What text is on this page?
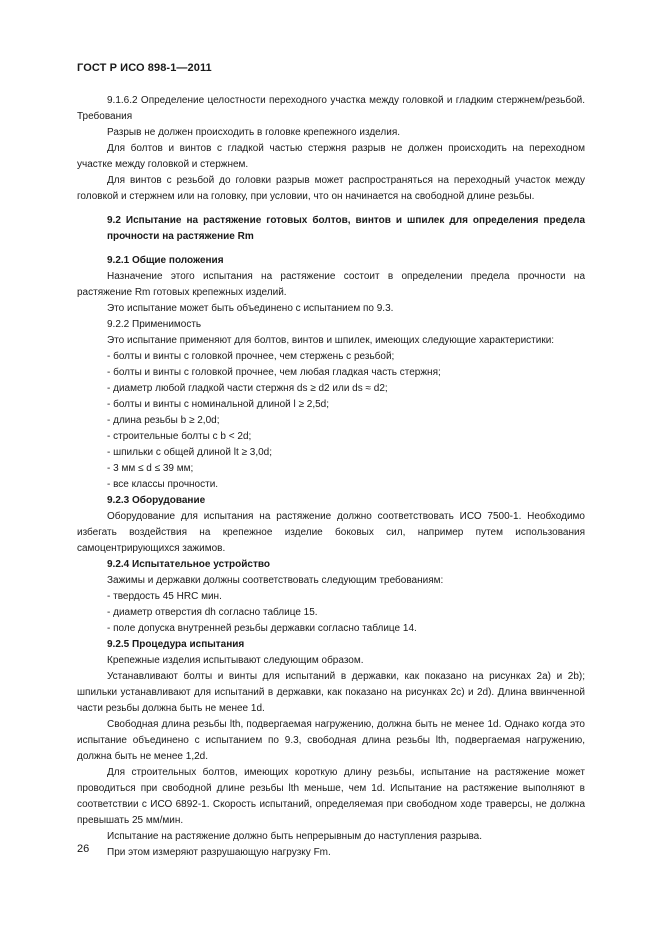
ГОСТ Р ИСО 898-1—2011

9.1.6.2 Определение целостности переходного участка между головкой и гладким стержнем/резьбой. Требования

Разрыв не должен происходить в головке крепежного изделия.

Для болтов и винтов с гладкой частью стержня разрыв не должен происходить на переходном участке между головкой и стержнем.

Для винтов с резьбой до головки разрыв может распространяться на переходный участок между головкой и стержнем или на головку, при условии, что он начинается на свободной длине резьбы.

9.2 Испытание на растяжение готовых болтов, винтов и шпилек для определения предела прочности на растяжение Rm

9.2.1 Общие положения

Назначение этого испытания на растяжение состоит в определении предела прочности на растяжение Rm готовых крепежных изделий.

Это испытание может быть объединено с испытанием по 9.3.

9.2.2 Применимость

Это испытание применяют для болтов, винтов и шпилек, имеющих следующие характеристики:

- болты и винты с головкой прочнее, чем стержень с резьбой;

- болты и винты с головкой прочнее, чем любая гладкая часть стержня;

- диаметр любой гладкой части стержня ds ≥ d2 или ds ≈ d2;

- болты и винты с номинальной длиной l ≥ 2,5d;

- длина резьбы b ≥ 2,0d;

- строительные болты с b < 2d;

- шпильки с общей длиной lt ≥ 3,0d;

- 3 мм ≤ d ≤ 39 мм;

- все классы прочности.

9.2.3 Оборудование

Оборудование для испытания на растяжение должно соответствовать ИСО 7500-1. Необходимо избегать воздействия на крепежное изделие боковых сил, например путем использования самоцентрирующихся зажимов.

9.2.4 Испытательное устройство

Зажимы и державки должны соответствовать следующим требованиям:

- твердость 45 HRC мин.

- диаметр отверстия dh согласно таблице 15.

- поле допуска внутренней резьбы державки согласно таблице 14.

9.2.5 Процедура испытания

Крепежные изделия испытывают следующим образом.

Устанавливают болты и винты для испытаний в державки, как показано на рисунках 2а) и 2b); шпильки устанавливают для испытаний в державки, как показано на рисунках 2с) и 2d). Длина ввинченной части резьбы должна быть не менее 1d.

Свободная длина резьбы lth, подвергаемая нагружению, должна быть не менее 1d. Однако когда это испытание объединено с испытанием по 9.3, свободная длина резьбы lth, подвергаемая нагружению, должна быть не менее 1,2d.

Для строительных болтов, имеющих короткую длину резьбы, испытание на растяжение может проводиться при свободной длине резьбы lth меньше, чем 1d. Испытание на растяжение выполняют в соответствии с ИСО 6892-1. Скорость испытаний, определяемая при свободном ходе траверсы, не должна превышать 25 мм/мин.

Испытание на растяжение должно быть непрерывным до наступления разрыва.

При этом измеряют разрушающую нагрузку Fm.

26
